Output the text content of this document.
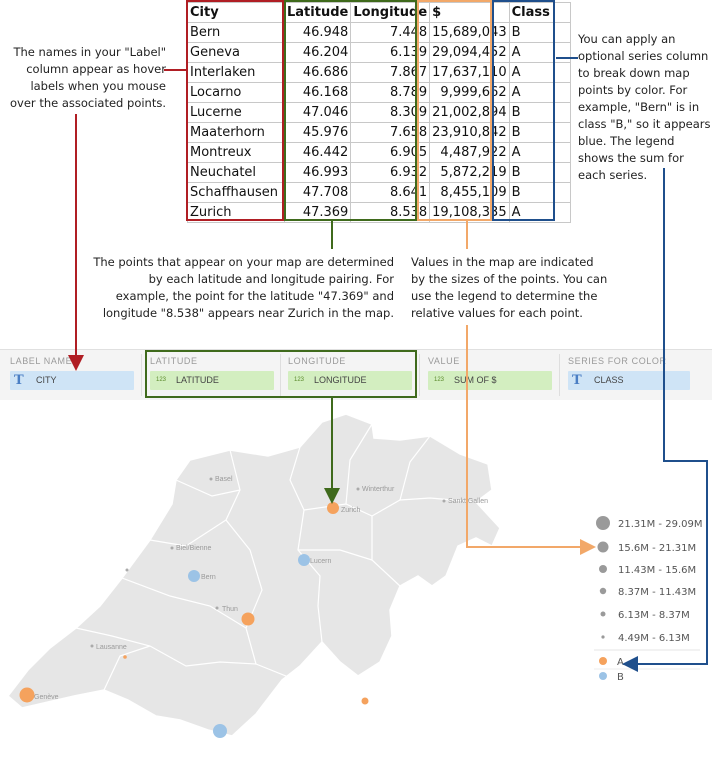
City	Latitude	Longitude	$	Class
Bern	46.948	7.448	15,689,043	B
Geneva	46.204	6.139	29,094,452	A
Interlaken	46.686	7.867	17,637,110	A
Locarno	46.168	8.789	9,999,662	A
Lucerne	47.046	8.309	21,002,894	B
Maaterhorn	45.976	7.658	23,910,842	B
Montreux	46.442	6.905	4,487,922	A
Neuchatel	46.993	6.932	5,872,219	B
Schaffhausen	47.708	8.641	8,455,109	B
Zurich	47.369	8.538	19,108,335	A
The names in your "Label" column appear as hover labels when you mouse over the associated points.
You can apply an optional series column to break down map points by color. For example, "Bern" is in class "B," so it appears blue. The legend shows the sum for each series.
The points that appear on your map are determined by each latitude and longitude pairing. For example, the point for the latitude "47.369" and longitude "8.538" appears near Zurich in the map.
Values in the map are indicated by the sizes of the points. You can use the legend to determine the relative values for each point.
LABEL NAME
T CITY
LATITUDE
123 LATITUDE
LONGITUDE
123 LONGITUDE
VALUE
123 SUM OF $
SERIES FOR COLOR
T CLASS
Basel
Winterthur
Sankt Gallen
Zurich
Biel/Bienne
Bern
Lucern
Thun
Lausanne
Genève
21.31M - 29.09M
15.6M - 21.31M
11.43M - 15.6M
8.37M - 11.43M
6.13M - 8.37M
4.49M - 6.13M
A
B
